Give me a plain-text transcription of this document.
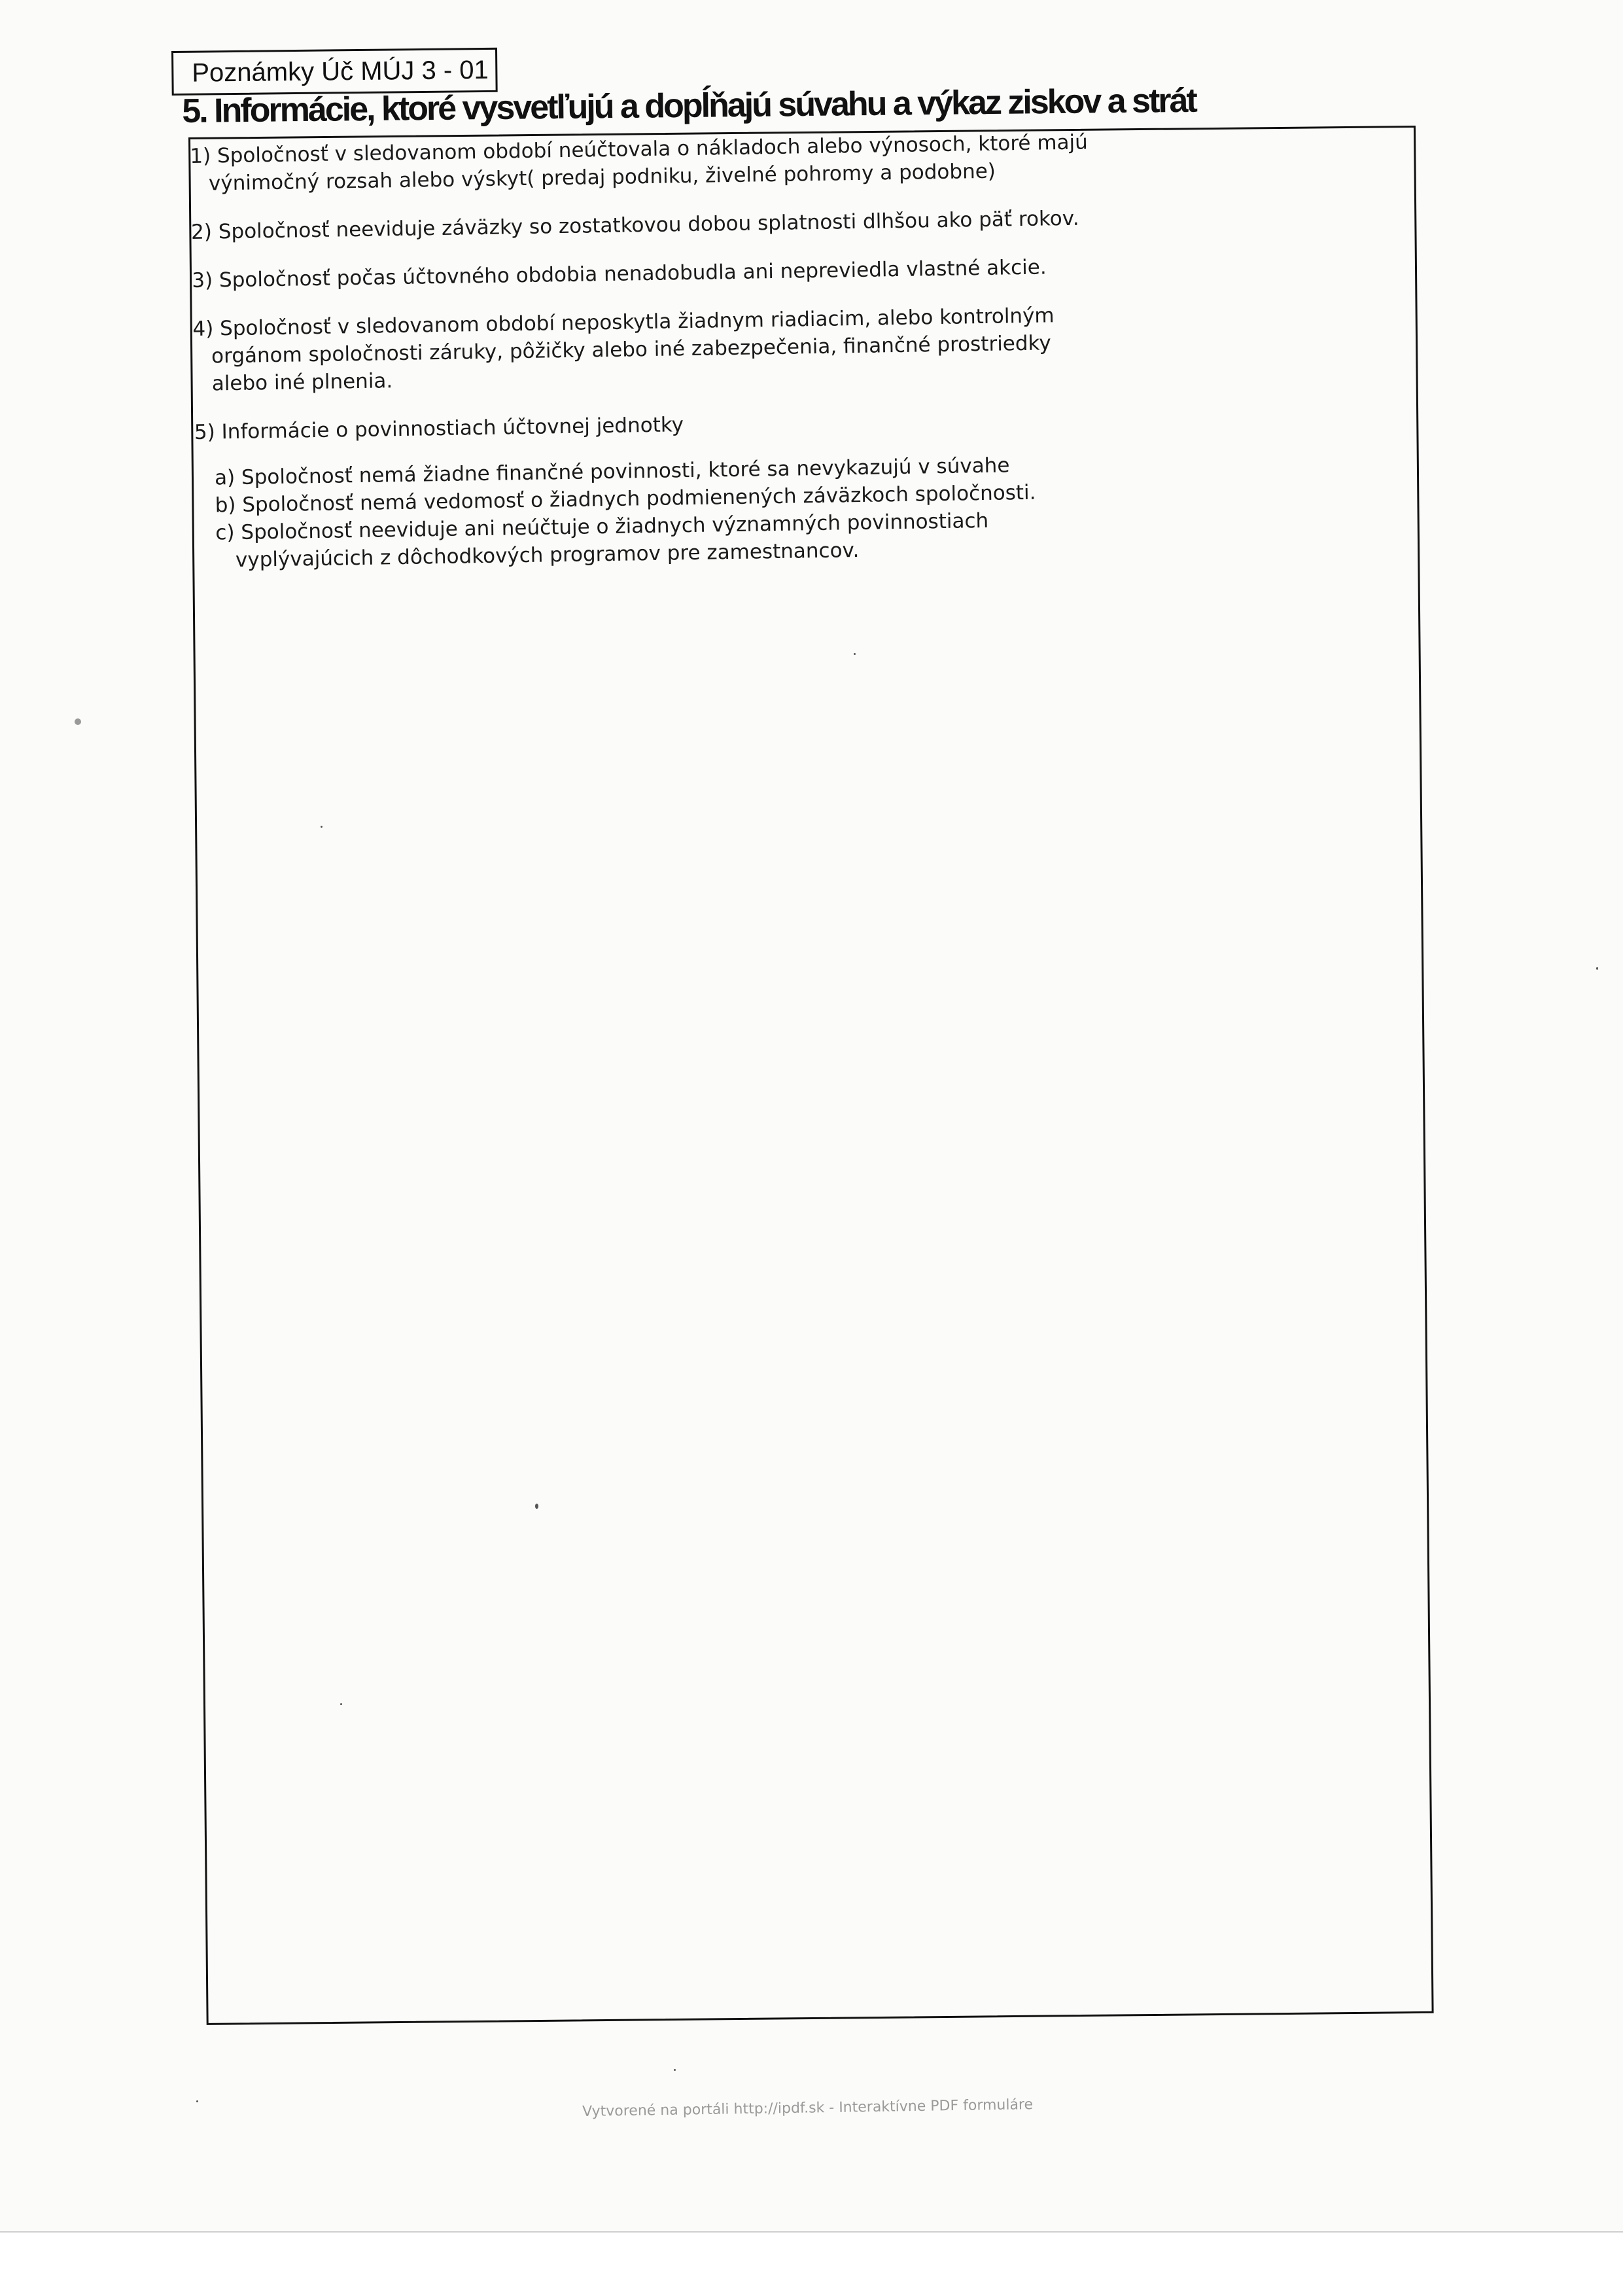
Poznámky Úč MÚJ 3 - 01
5. Informácie, ktoré vysvetľujú a dopĺňajú súvahu a výkaz ziskov a strát
1) Spoločnosť v sledovanom období neúčtovala o nákladoch alebo výnosoch, ktoré majú
výnimočný rozsah alebo výskyt( predaj podniku, živelné pohromy a podobne)
2) Spoločnosť neeviduje záväzky so zostatkovou dobou splatnosti dlhšou ako päť rokov.
3) Spoločnosť počas účtovného obdobia nenadobudla ani nepreviedla vlastné akcie.
4) Spoločnosť v sledovanom období neposkytla žiadnym riadiacim, alebo kontrolným
orgánom spoločnosti záruky, pôžičky alebo iné zabezpečenia, finančné prostriedky
alebo iné plnenia.
5) Informácie o povinnostiach účtovnej jednotky
a) Spoločnosť nemá žiadne finančné povinnosti, ktoré sa nevykazujú v súvahe
b) Spoločnosť nemá vedomosť o žiadnych podmienených záväzkoch spoločnosti.
c) Spoločnosť neeviduje ani neúčtuje o žiadnych významných povinnostiach
vyplývajúcich z dôchodkových programov pre zamestnancov.
Vytvorené na portáli http://ipdf.sk - Interaktívne PDF formuláre
